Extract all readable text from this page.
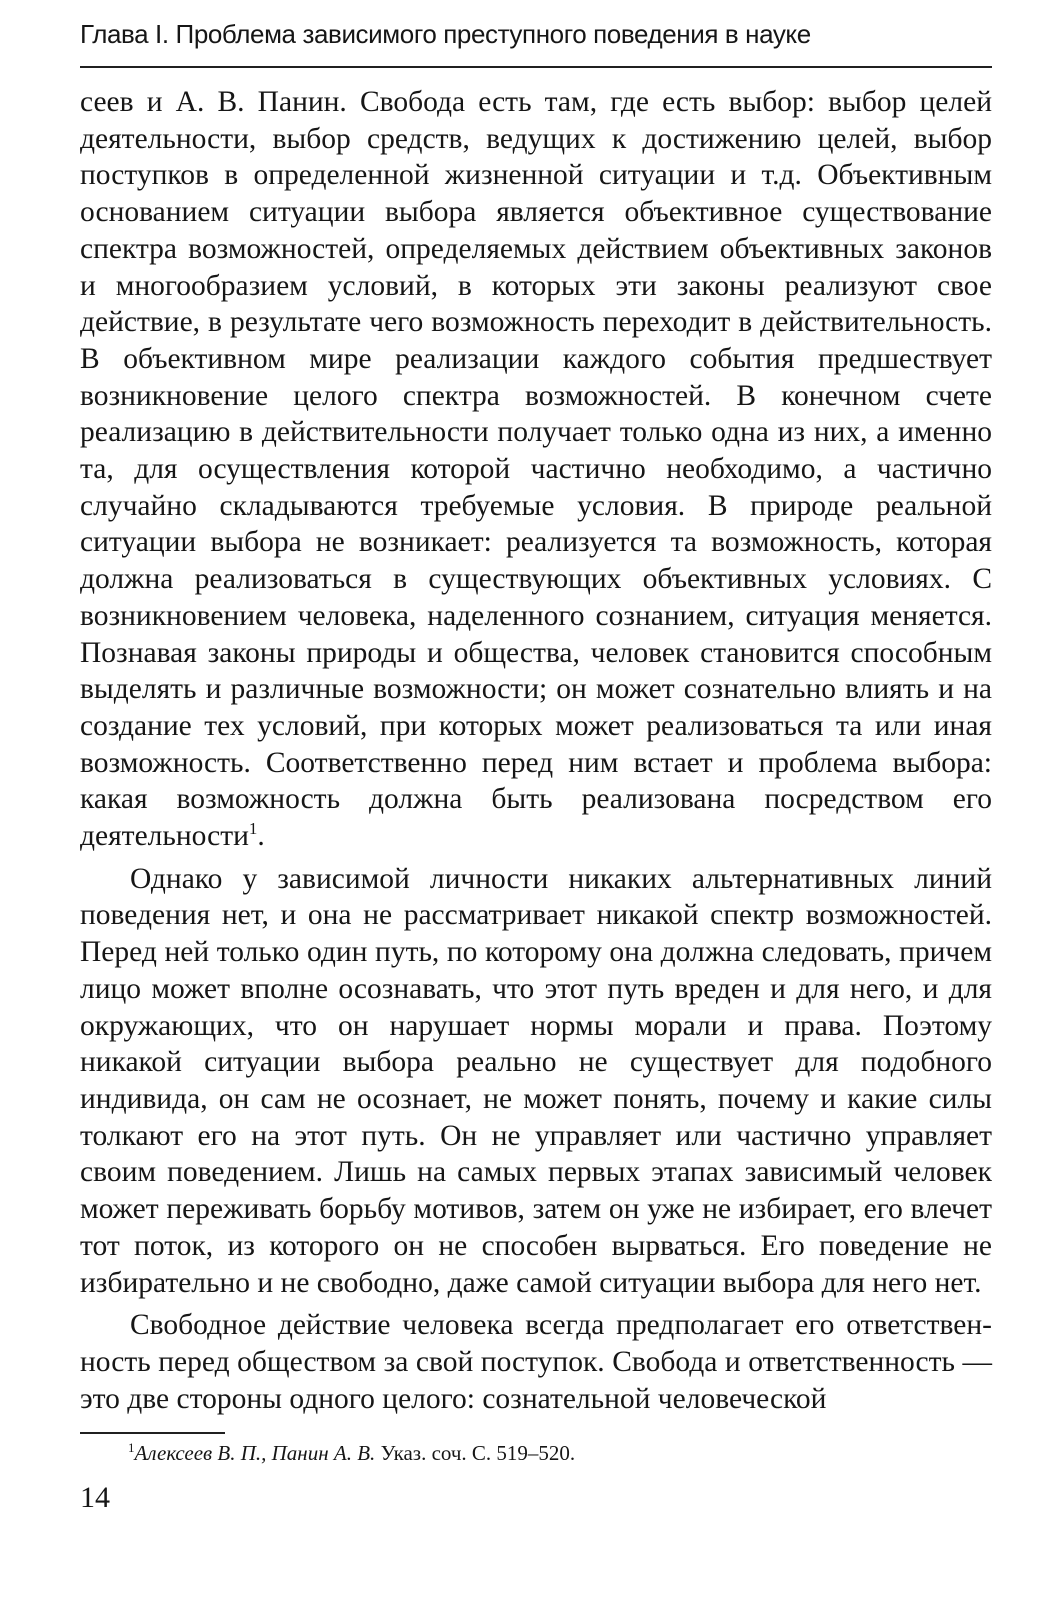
Глава I. Проблема зависимого преступного поведения в науке

сеев и А. В. Панин. Свобода есть там, где есть выбор: выбор целей деятельности, выбор средств, ведущих к достижению целей, выбор поступков в определенной жизненной ситуации и т.д. Объективным основанием ситуации выбора является объективное существование спектра возможностей, определяемых действием объективных законов и многообразием условий, в которых эти законы реализуют свое действие, в результате чего возможность переходит в действительность. В объективном мире реализации каждого события предшествует возникновение целого спектра возможностей. В конечном счете реализацию в действительности получает только одна из них, а именно та, для осуществления которой частично необходимо, а частично случайно складываются требуемые условия. В природе реальной ситуации выбора не возникает: реализуется та возможность, которая должна реализоваться в существующих объективных условиях. С возникновением человека, наделенного сознанием, ситуация меняется. Познавая законы природы и общества, человек становится способным выделять и различные возможности; он может сознательно влиять и на создание тех условий, при которых может реализоваться та или иная возможность. Соответственно перед ним встает и проблема выбора: какая возможность должна быть реализована посредством его деятельности$^1$.

Однако у зависимой личности никаких альтернативных линий поведения нет, и она не рассматривает никакой спектр возможностей. Перед ней только один путь, по которому она должна следовать, причем лицо может вполне осознавать, что этот путь вреден и для него, и для окружающих, что он нарушает нормы морали и права. Поэтому никакой ситуации выбора реально не существует для подобного индивида, он сам не осознает, не может понять, почему и какие силы толкают его на этот путь. Он не управляет или частично управляет своим поведением. Лишь на самых первых этапах зависимый человек может переживать борьбу мотивов, затем он уже не избирает, его влечет тот поток, из которого он не способен вырваться. Его поведение не избирательно и не свободно, даже самой ситуации выбора для него нет.

Свободное действие человека всегда предполагает его ответственность перед обществом за свой поступок. Свобода и ответственность — это две стороны одного целого: сознательной человеческой

$^1$Алексеев В. П., Панин А. В. Указ. соч. С. 519–520.
14
